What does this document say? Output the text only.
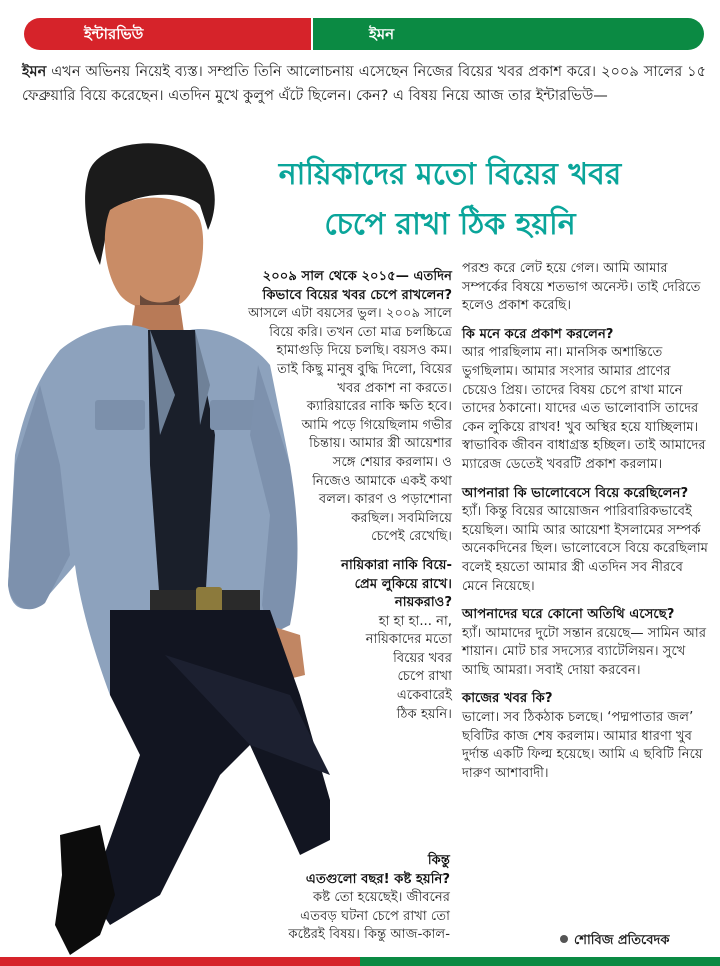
ইন্টারভিউ	ইমন
ইমন এখন অভিনয় নিয়েই ব্যস্ত। সম্প্রতি তিনি আলোচনায় এসেছেন নিজের বিয়ের খবর প্রকাশ করে। ২০০৯ সালের ১৫ ফেব্রুয়ারি বিয়ে করেছেন। এতদিন মুখে কুলুপ এঁটে ছিলেন। কেন? এ বিষয় নিয়ে আজ তার ইন্টারভিউ—
নায়িকাদের মতো বিয়ের খবর
চেপে রাখা ঠিক হয়নি
২০০৯ সাল থেকে ২০১৫— এতদিন
কিভাবে বিয়ের খবর চেপে রাখলেন?
আসলে এটা বয়সের ভুল। ২০০৯ সালে
বিয়ে করি। তখন তো মাত্র চলচ্চিত্রে
হামাগুড়ি দিয়ে চলছি। বয়সও কম।
তাই কিছু মানুষ বুদ্ধি দিলো, বিয়ের
খবর প্রকাশ না করতে।
ক্যারিয়ারের নাকি ক্ষতি হবে।
আমি পড়ে গিয়েছিলাম গভীর
চিন্তায়। আমার স্ত্রী আয়েশার
সঙ্গে শেয়ার করলাম। ও
নিজেও আমাকে একই কথা
বলল। কারণ ও পড়াশোনা
করছিল। সবমিলিয়ে
চেপেই রেখেছি।
নায়িকারা নাকি বিয়ে-
প্রেম লুকিয়ে রাখে।
নায়করাও?
হা হা হা... না,
নায়িকাদের মতো
বিয়ের খবর
চেপে রাখা
একেবারেই
ঠিক হয়নি।
কিন্তু
এতগুলো বছর! কষ্ট হয়নি?
কষ্ট তো হয়েছেই। জীবনের
এতবড় ঘটনা চেপে রাখা তো
কষ্টেরই বিষয়। কিন্তু আজ-কাল-

পরশু করে লেট হয়ে গেল। আমি আমার সম্পর্কের বিষয়ে শতভাগ অনেস্ট। তাই দেরিতে হলেও প্রকাশ করেছি।

কি মনে করে প্রকাশ করলেন?

আর পারছিলাম না। মানসিক অশান্তিতে ভুগছিলাম। আমার সংসার আমার প্রাণের চেয়েও প্রিয়। তাদের বিষয় চেপে রাখা মানে তাদের ঠকানো। যাদের এত ভালোবাসি তাদের কেন লুকিয়ে রাখব! খুব অস্থির হয়ে যাচ্ছিলাম। স্বাভাবিক জীবন বাধাগ্রস্ত হচ্ছিল। তাই আমাদের ম্যারেজ ডেতেই খবরটি প্রকাশ করলাম।

আপনারা কি ভালোবেসে বিয়ে করেছিলেন?

হ্যাঁ। কিন্তু বিয়ের আয়োজন পারিবারিকভাবেই হয়েছিল। আমি আর আয়েশা ইসলামের সম্পর্ক অনেকদিনের ছিল। ভালোবেসে বিয়ে করেছিলাম বলেই হয়তো আমার স্ত্রী এতদিন সব নীরবে মেনে নিয়েছে।

আপনাদের ঘরে কোনো অতিথি এসেছে?

হ্যাঁ। আমাদের দুটো সন্তান রয়েছে— সামিন আর শায়ান। মোট চার সদস্যের ব্যাটেলিয়ন। সুখে আছি আমরা। সবাই দোয়া করবেন।

কাজের খবর কি?

ভালো। সব ঠিকঠাক চলছে। ‘পদ্মপাতার জল’ ছবিটির কাজ শেষ করলাম। আমার ধারণা খুব দুর্দান্ত একটি ফিল্ম হয়েছে। আমি এ ছবিটি নিয়ে দারুণ আশাবাদী।

শোবিজ প্রতিবেদক
